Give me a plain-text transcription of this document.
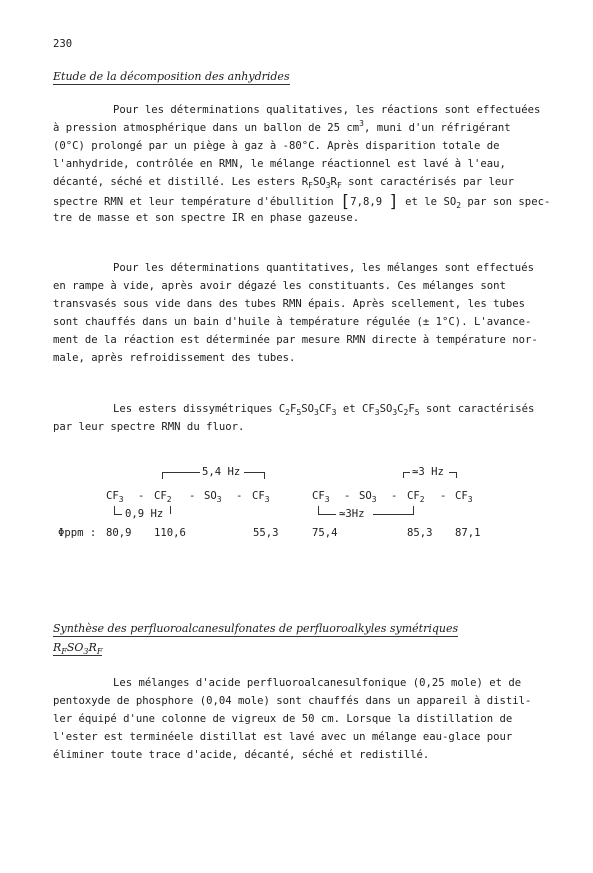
230
Etude de la décomposition des anhydrides
Pour les déterminations qualitatives, les réactions sont effectuées
à pression atmosphérique dans un ballon de 25 $cm^3$, muni d'un réfrigérant
(0°C) prolongé par un piège à gaz à -80°C. Après disparition totale de
l'anhydride, contrôlée en RMN, le mélange réactionnel est lavé à l'eau,
décanté, séché et distillé. Les esters $R_FSO_3R_F$ sont caractérisés par leur
spectre RMN et leur température d'ébullition [7,8,9 ] et le $SO_2$ par son spec-
tre de masse et son spectre IR en phase gazeuse.
Pour les déterminations quantitatives, les mélanges sont effectués
en rampe à vide, après avoir dégazé les constituants. Ces mélanges sont
transvasés sous vide dans des tubes RMN épais. Après scellement, les tubes
sont chauffés dans un bain d'huile à température régulée (± 1°C). L'avance-
ment de la réaction est déterminée par mesure RMN directe à température nor-
male, après refroidissement des tubes.
Les esters dissymétriques $C_2F_5SO_3CF_3$ et $CF_3SO_3C_2F_5$ sont caractérisés
par leur spectre RMN du fluor.
5,4 Hz
$CF_3 - CF_2 - SO_3 - CF_3$
0,9 Hz
≃3 Hz
$CF_3 - SO_3 - CF_2 - CF_3$
≃3Hz
Φppm : 80,9 110,6	55,3	75,4	85,3 87,1
Synthèse des perfluoroalcanesulfonates de perfluoroalkyles symétriques
$R_FSO_3R_F$
Les mélanges d'acide perfluoroalcanesulfonique (0,25 mole) et de
pentoxyde de phosphore (0,04 mole) sont chauffés dans un appareil à distil-
ler équipé d'une colonne de vigreux de 50 cm. Lorsque la distillation de
l'ester est terminéele distillat est lavé avec un mélange eau-glace pour
éliminer toute trace d'acide, décanté, séché et redistillé.
